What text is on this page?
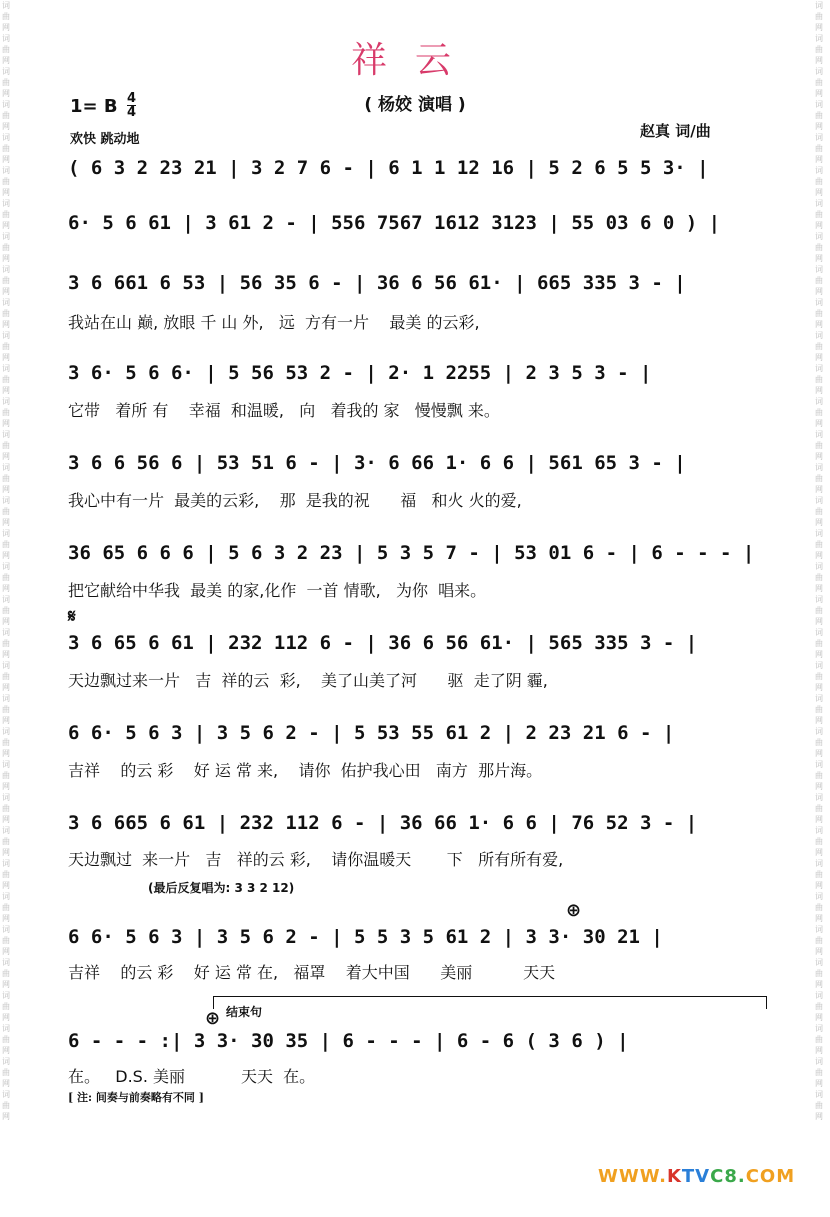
词曲网词曲网词曲网词曲网词曲网词曲网词曲网词曲网词曲网词曲网词曲网词曲网词曲网词曲网词曲网词曲网词曲网词曲网词曲网词曲网词曲网词曲网词曲网词曲网词曲网词曲网词曲网词曲网词曲网词曲网词曲网词曲网词曲网词曲网
词曲网词曲网词曲网词曲网词曲网词曲网词曲网词曲网词曲网词曲网词曲网词曲网词曲网词曲网词曲网词曲网词曲网词曲网词曲网词曲网词曲网词曲网词曲网词曲网词曲网词曲网词曲网词曲网词曲网词曲网词曲网词曲网词曲网词曲网
祥云
( 杨姣 演唱 )
1= B 4
4
欢快 跳动地	赵真 词/曲
( 6 3 2 23 21 | 3 2 7 6 - | 6 1 1 12 16 | 5 2 6 5 5 3· |
6· 5 6 61 | 3 61 2 - | 556 7567 1612 3123 | 55 03 6 0 ) |
3 6 661 6 53 | 56 35 6 - | 36 6 56 61· | 665 335 3 - |
我站在山 巅, 放眼 千 山 外,   远  方有一片    最美 的云彩,
3 6· 5 6 6· | 5 56 53 2 - | 2· 1 2255 | 2 3 5 3 - |
它带   着所 有    幸福  和温暖,   向   着我的 家   慢慢飘 来。
3 6 6 56 6 | 53 51 6 - | 3· 6 66 1· 6 6 | 561 65 3 - |
我心中有一片  最美的云彩,    那  是我的祝      福   和火 火的爱,
36 65 6 6 6 | 5 6 3 2 23 | 5 3 5 7 - | 53 01 6 - | 6 - - - |
把它献给中华我  最美 的家,化作  一首 情歌,   为你  唱来。
𝄋
3 6 65 6 61 | 232 112 6 - | 36 6 56 61· | 565 335 3 - |
天边飘过来一片   吉  祥的云  彩,    美了山美了河      驱  走了阴 霾,
6 6· 5 6 3 | 3 5 6 2 - | 5 53 55 61 2 | 2 23 21 6 - |
吉祥    的云 彩    好 运 常 来,    请你  佑护我心田   南方  那片海。
3 6 665 6 61 | 232 112 6 - | 36 66 1· 6 6 | 76 52 3 - |
天边飘过  来一片   吉   祥的云 彩,    请你温暖天       下   所有所有爱,
(最后反复唱为: 3 3 2 12)
⊕
6 6· 5 6 3 | 3 5 6 2 - | 5 5 3 5 61 2 | 3 3· 30 21 |
吉祥    的云 彩    好 运 常 在,   福罩    着大中国      美丽          天天
⊕ 结束句
6 - - - :| 3 3· 30 35 | 6 - - - | 6 - 6 ( 3 6 ) |
在。   D.S. 美丽           天天  在。
[ 注: 间奏与前奏略有不同 ]
WWW.KTVC8.COM
